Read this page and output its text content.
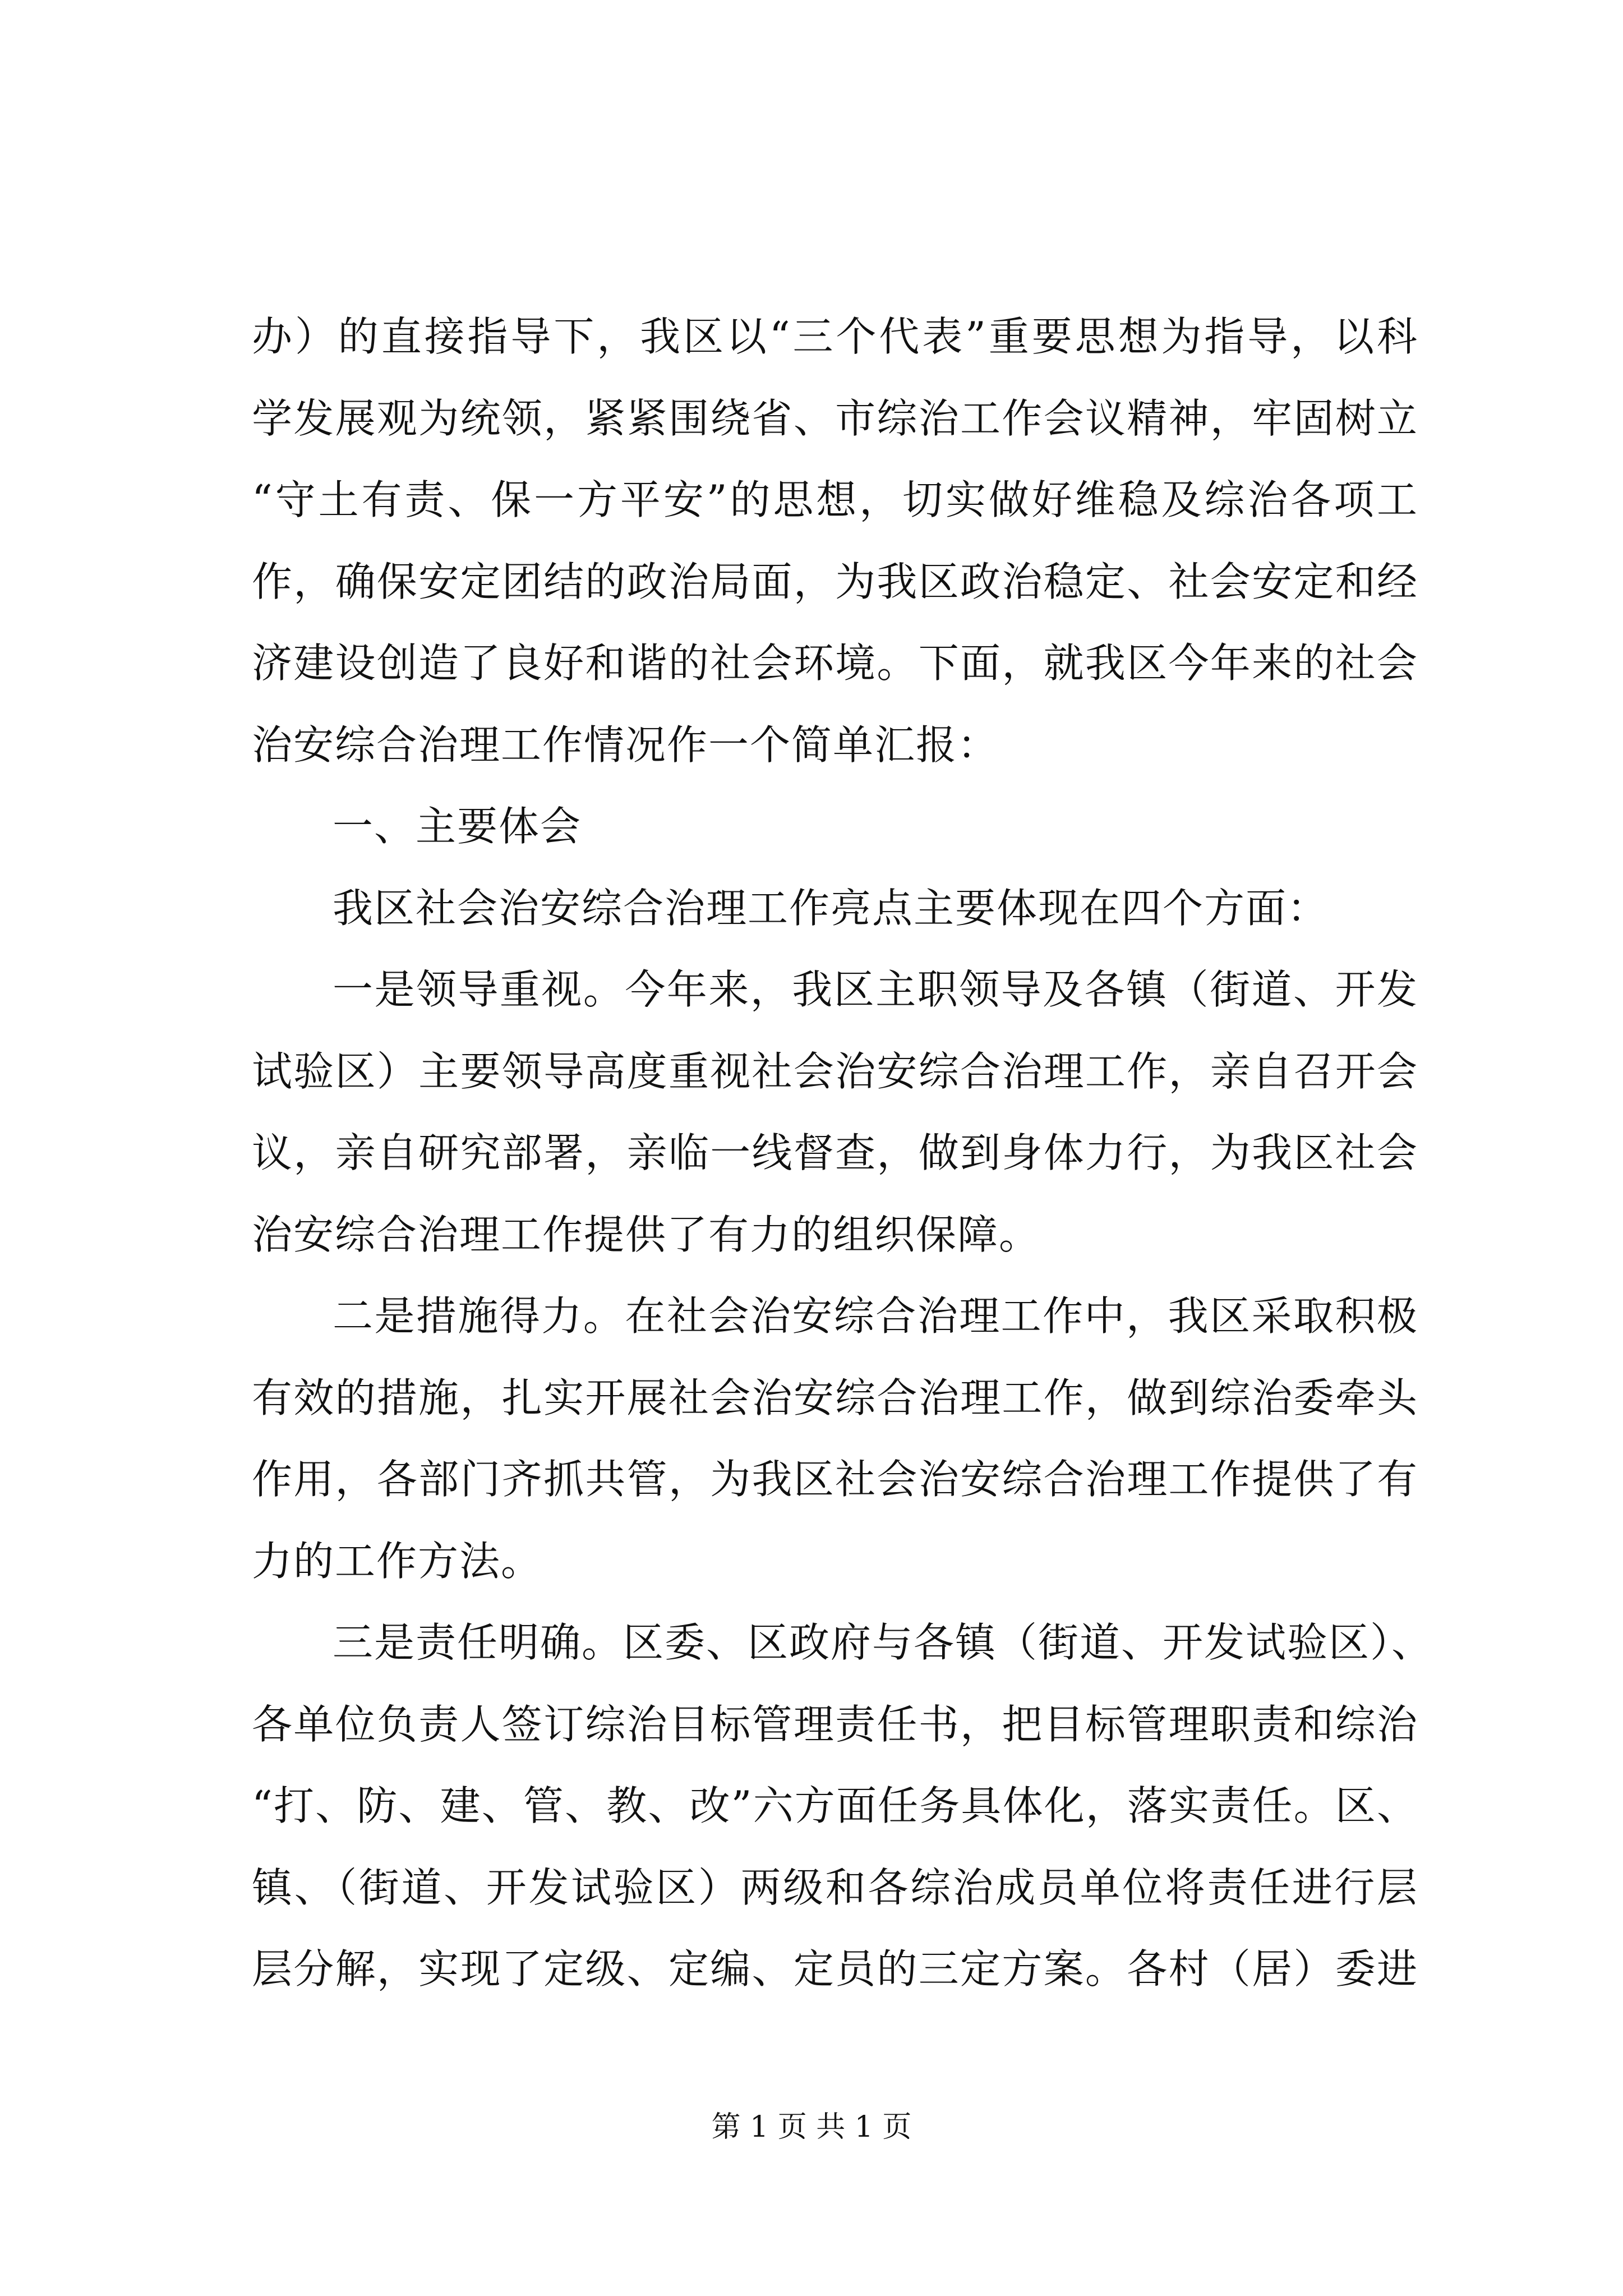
办）的直接指导下，我区以“三个代表”重要思想为指导，以科
学发展观为统领，紧紧围绕省、市综治工作会议精神，牢固树立
“守土有责、保一方平安”的思想，切实做好维稳及综治各项工
作，确保安定团结的政治局面，为我区政治稳定、社会安定和经
济建设创造了良好和谐的社会环境。下面，就我区今年来的社会
治安综合治理工作情况作一个简单汇报：
一、主要体会
我区社会治安综合治理工作亮点主要体现在四个方面：
一是领导重视。今年来，我区主职领导及各镇（街道、开发
试验区）主要领导高度重视社会治安综合治理工作，亲自召开会
议，亲自研究部署，亲临一线督查，做到身体力行，为我区社会
治安综合治理工作提供了有力的组织保障。
二是措施得力。在社会治安综合治理工作中，我区采取积极
有效的措施，扎实开展社会治安综合治理工作，做到综治委牵头
作用，各部门齐抓共管，为我区社会治安综合治理工作提供了有
力的工作方法。
三是责任明确。区委、区政府与各镇（街道、开发试验区）、
各单位负责人签订综治目标管理责任书，把目标管理职责和综治
“打、防、建、管、教、改”六方面任务具体化，落实责任。区、
镇、（街道、开发试验区）两级和各综治成员单位将责任进行层
层分解，实现了定级、定编、定员的三定方案。各村（居）委进
第 1 页 共 1 页
